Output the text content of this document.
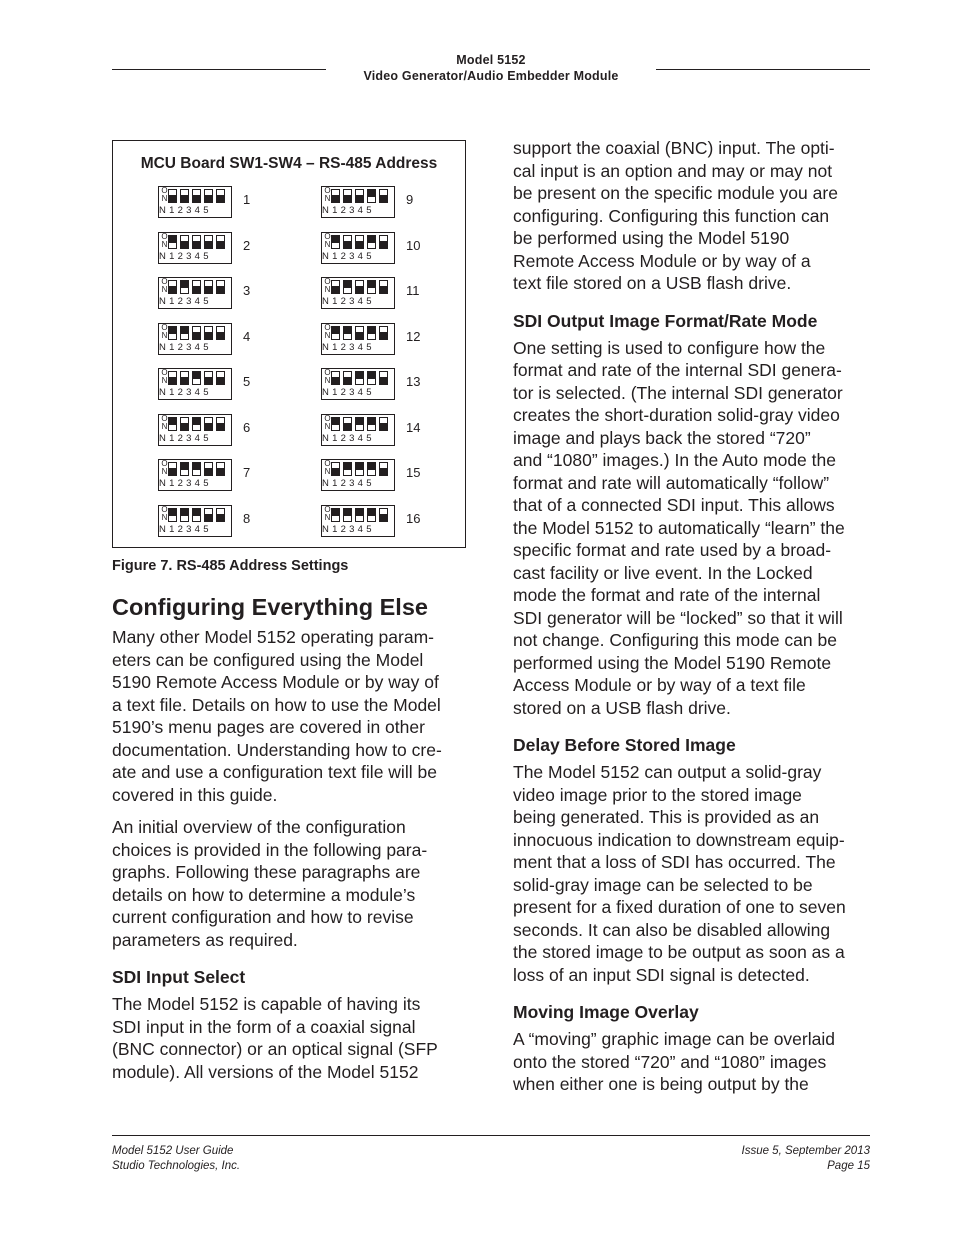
Model 5152
Video Generator/Audio Embedder Module
MCU Board SW1-SW4 – RS-485 Address
O N
N 1 2 3 4 5
1
O N
N 1 2 3 4 5
2
O N
N 1 2 3 4 5
3
O N
N 1 2 3 4 5
4
O N
N 1 2 3 4 5
5
O N
N 1 2 3 4 5
6
O N
N 1 2 3 4 5
7
O N
N 1 2 3 4 5
8
O N
N 1 2 3 4 5
9
O N
N 1 2 3 4 5
10
O N
N 1 2 3 4 5
11
O N
N 1 2 3 4 5
12
O N
N 1 2 3 4 5
13
O N
N 1 2 3 4 5
14
O N
N 1 2 3 4 5
15
O N
N 1 2 3 4 5
16
Figure 7. RS-485 Address Settings
Configuring Everything Else

Many other Model 5152 operating param-
eters can be configured using the Model
5190 Remote Access Module or by way of
a text file. Details on how to use the Model
5190’s menu pages are covered in other
documentation. Understanding how to cre-
ate and use a configuration text file will be
covered in this guide.

An initial overview of the configuration
choices is provided in the following para-
graphs. Following these paragraphs are
details on how to determine a module’s
current configuration and how to revise
parameters as required.

SDI Input Select

The Model 5152 is capable of having its
SDI input in the form of a coaxial signal
(BNC connector) or an optical signal (SFP
module). All versions of the Model 5152

support the coaxial (BNC) input. The opti-
cal input is an option and may or may not
be present on the specific module you are
configuring. Configuring this function can
be performed using the Model 5190
Remote Access Module or by way of a
text file stored on a USB flash drive.

SDI Output Image Format/Rate Mode

One setting is used to configure how the
format and rate of the internal SDI genera-
tor is selected. (The internal SDI generator
creates the short-duration solid-gray video
image and plays back the stored “720”
and “1080” images.) In the Auto mode the
format and rate will automatically “follow”
that of a connected SDI input. This allows
the Model 5152 to automatically “learn” the
specific format and rate used by a broad-
cast facility or live event. In the Locked
mode the format and rate of the internal
SDI generator will be “locked” so that it will
not change. Configuring this mode can be
performed using the Model 5190 Remote
Access Module or by way of a text file
stored on a USB flash drive.

Delay Before Stored Image

The Model 5152 can output a solid-gray
video image prior to the stored image
being generated. This is provided as an
innocuous indication to downstream equip-
ment that a loss of SDI has occurred. The
solid-gray image can be selected to be
present for a fixed duration of one to seven
seconds. It can also be disabled allowing
the stored image to be output as soon as a
loss of an input SDI signal is detected.

Moving Image Overlay

A “moving” graphic image can be overlaid
onto the stored “720” and “1080” images
when either one is being output by the

Model 5152 User Guide
Studio Technologies, Inc.
Issue 5, September 2013
Page 15
